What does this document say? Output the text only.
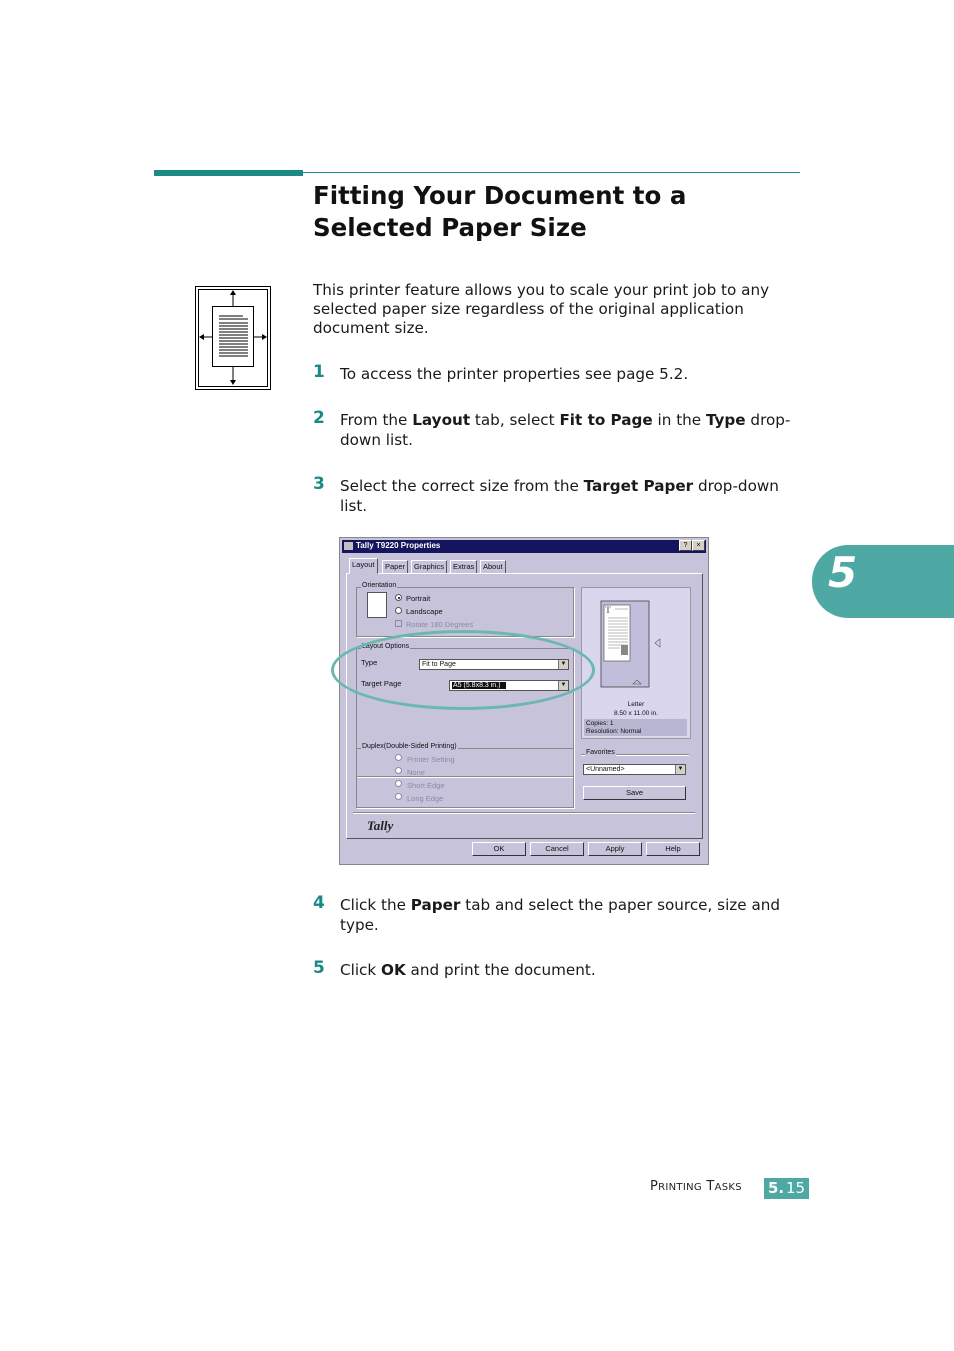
Fitting Your Document to a Selected Paper Size
This printer feature allows you to scale your print job to any selected paper size regardless of the original application document size.
1 To access the printer properties see page 5.2.
2 From the Layout tab, select Fit to Page in the Type drop-down list.
3 Select the correct size from the Target Paper drop-down list.
4 Click the Paper tab and select the paper source, size and type.
5 Click OK and print the document.
Tally T9220 Properties	?	×
Layout	Paper	Graphics	Extras	About
Orientation
Portrait
Landscape
Rotate 180 Degrees
Layout Options
Type	Fit to Page	▼
Target Page	A5 (5.8x8.3 in.)	▼
Duplex(Double-Sided Printing)
Printer Setting
None
Short Edge
Long Edge
T
Letter
8.50 x 11.00 in.
Copies: 1
Resolution: Normal
Favorites
<Unnamed>	▼
Save
Tally
OK	Cancel	Apply	Help
5
PRINTING TASKS 5. 15
